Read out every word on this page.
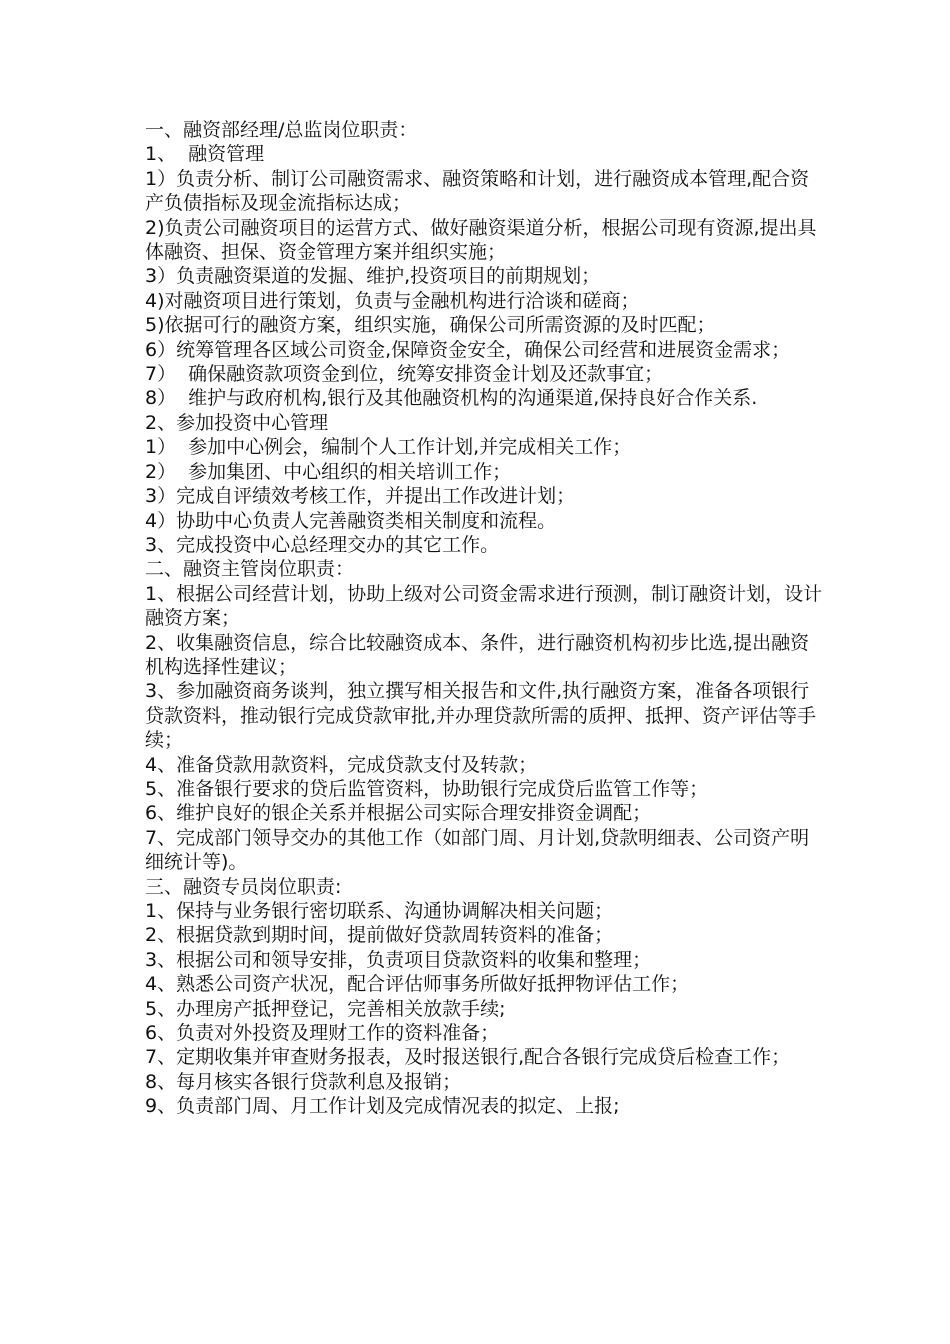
一、融资部经理/总监岗位职责：

1、  融资管理

1）负责分析、制订公司融资需求、融资策略和计划，进行融资成本管理,配合资产负债指标及现金流指标达成；

2)负责公司融资项目的运营方式、做好融资渠道分析，根据公司现有资源,提出具体融资、担保、资金管理方案并组织实施；

3）负责融资渠道的发掘、维护,投资项目的前期规划；

4)对融资项目进行策划，负责与金融机构进行洽谈和磋商；

5)依据可行的融资方案，组织实施，确保公司所需资源的及时匹配；

6）统筹管理各区域公司资金,保障资金安全，确保公司经营和进展资金需求；

7）  确保融资款项资金到位，统筹安排资金计划及还款事宜；

8）  维护与政府机构,银行及其他融资机构的沟通渠道,保持良好合作关系.

2、参加投资中心管理

1）  参加中心例会，编制个人工作计划,并完成相关工作；

2）  参加集团、中心组织的相关培训工作；

3）完成自评绩效考核工作，并提出工作改进计划；

4）协助中心负责人完善融资类相关制度和流程。

3、完成投资中心总经理交办的其它工作。

二、融资主管岗位职责：

1、根据公司经营计划，协助上级对公司资金需求进行预测，制订融资计划，设计融资方案；

2、收集融资信息，综合比较融资成本、条件，进行融资机构初步比选,提出融资机构选择性建议；

3、参加融资商务谈判，独立撰写相关报告和文件,执行融资方案，准备各项银行贷款资料，推动银行完成贷款审批,并办理贷款所需的质押、抵押、资产评估等手续；

4、准备贷款用款资料，完成贷款支付及转款；

5、准备银行要求的贷后监管资料，协助银行完成贷后监管工作等；

6、维护良好的银企关系并根据公司实际合理安排资金调配；

7、完成部门领导交办的其他工作（如部门周、月计划,贷款明细表、公司资产明细统计等)。

三、融资专员岗位职责:

1、保持与业务银行密切联系、沟通协调解决相关问题；

2、根据贷款到期时间，提前做好贷款周转资料的准备；

3、根据公司和领导安排，负责项目贷款资料的收集和整理；

4、熟悉公司资产状况，配合评估师事务所做好抵押物评估工作；

5、办理房产抵押登记，完善相关放款手续;

6、负责对外投资及理财工作的资料准备；

7、定期收集并审查财务报表，及时报送银行,配合各银行完成贷后检查工作；

8、每月核实各银行贷款利息及报销；

9、负责部门周、月工作计划及完成情况表的拟定、上报;
